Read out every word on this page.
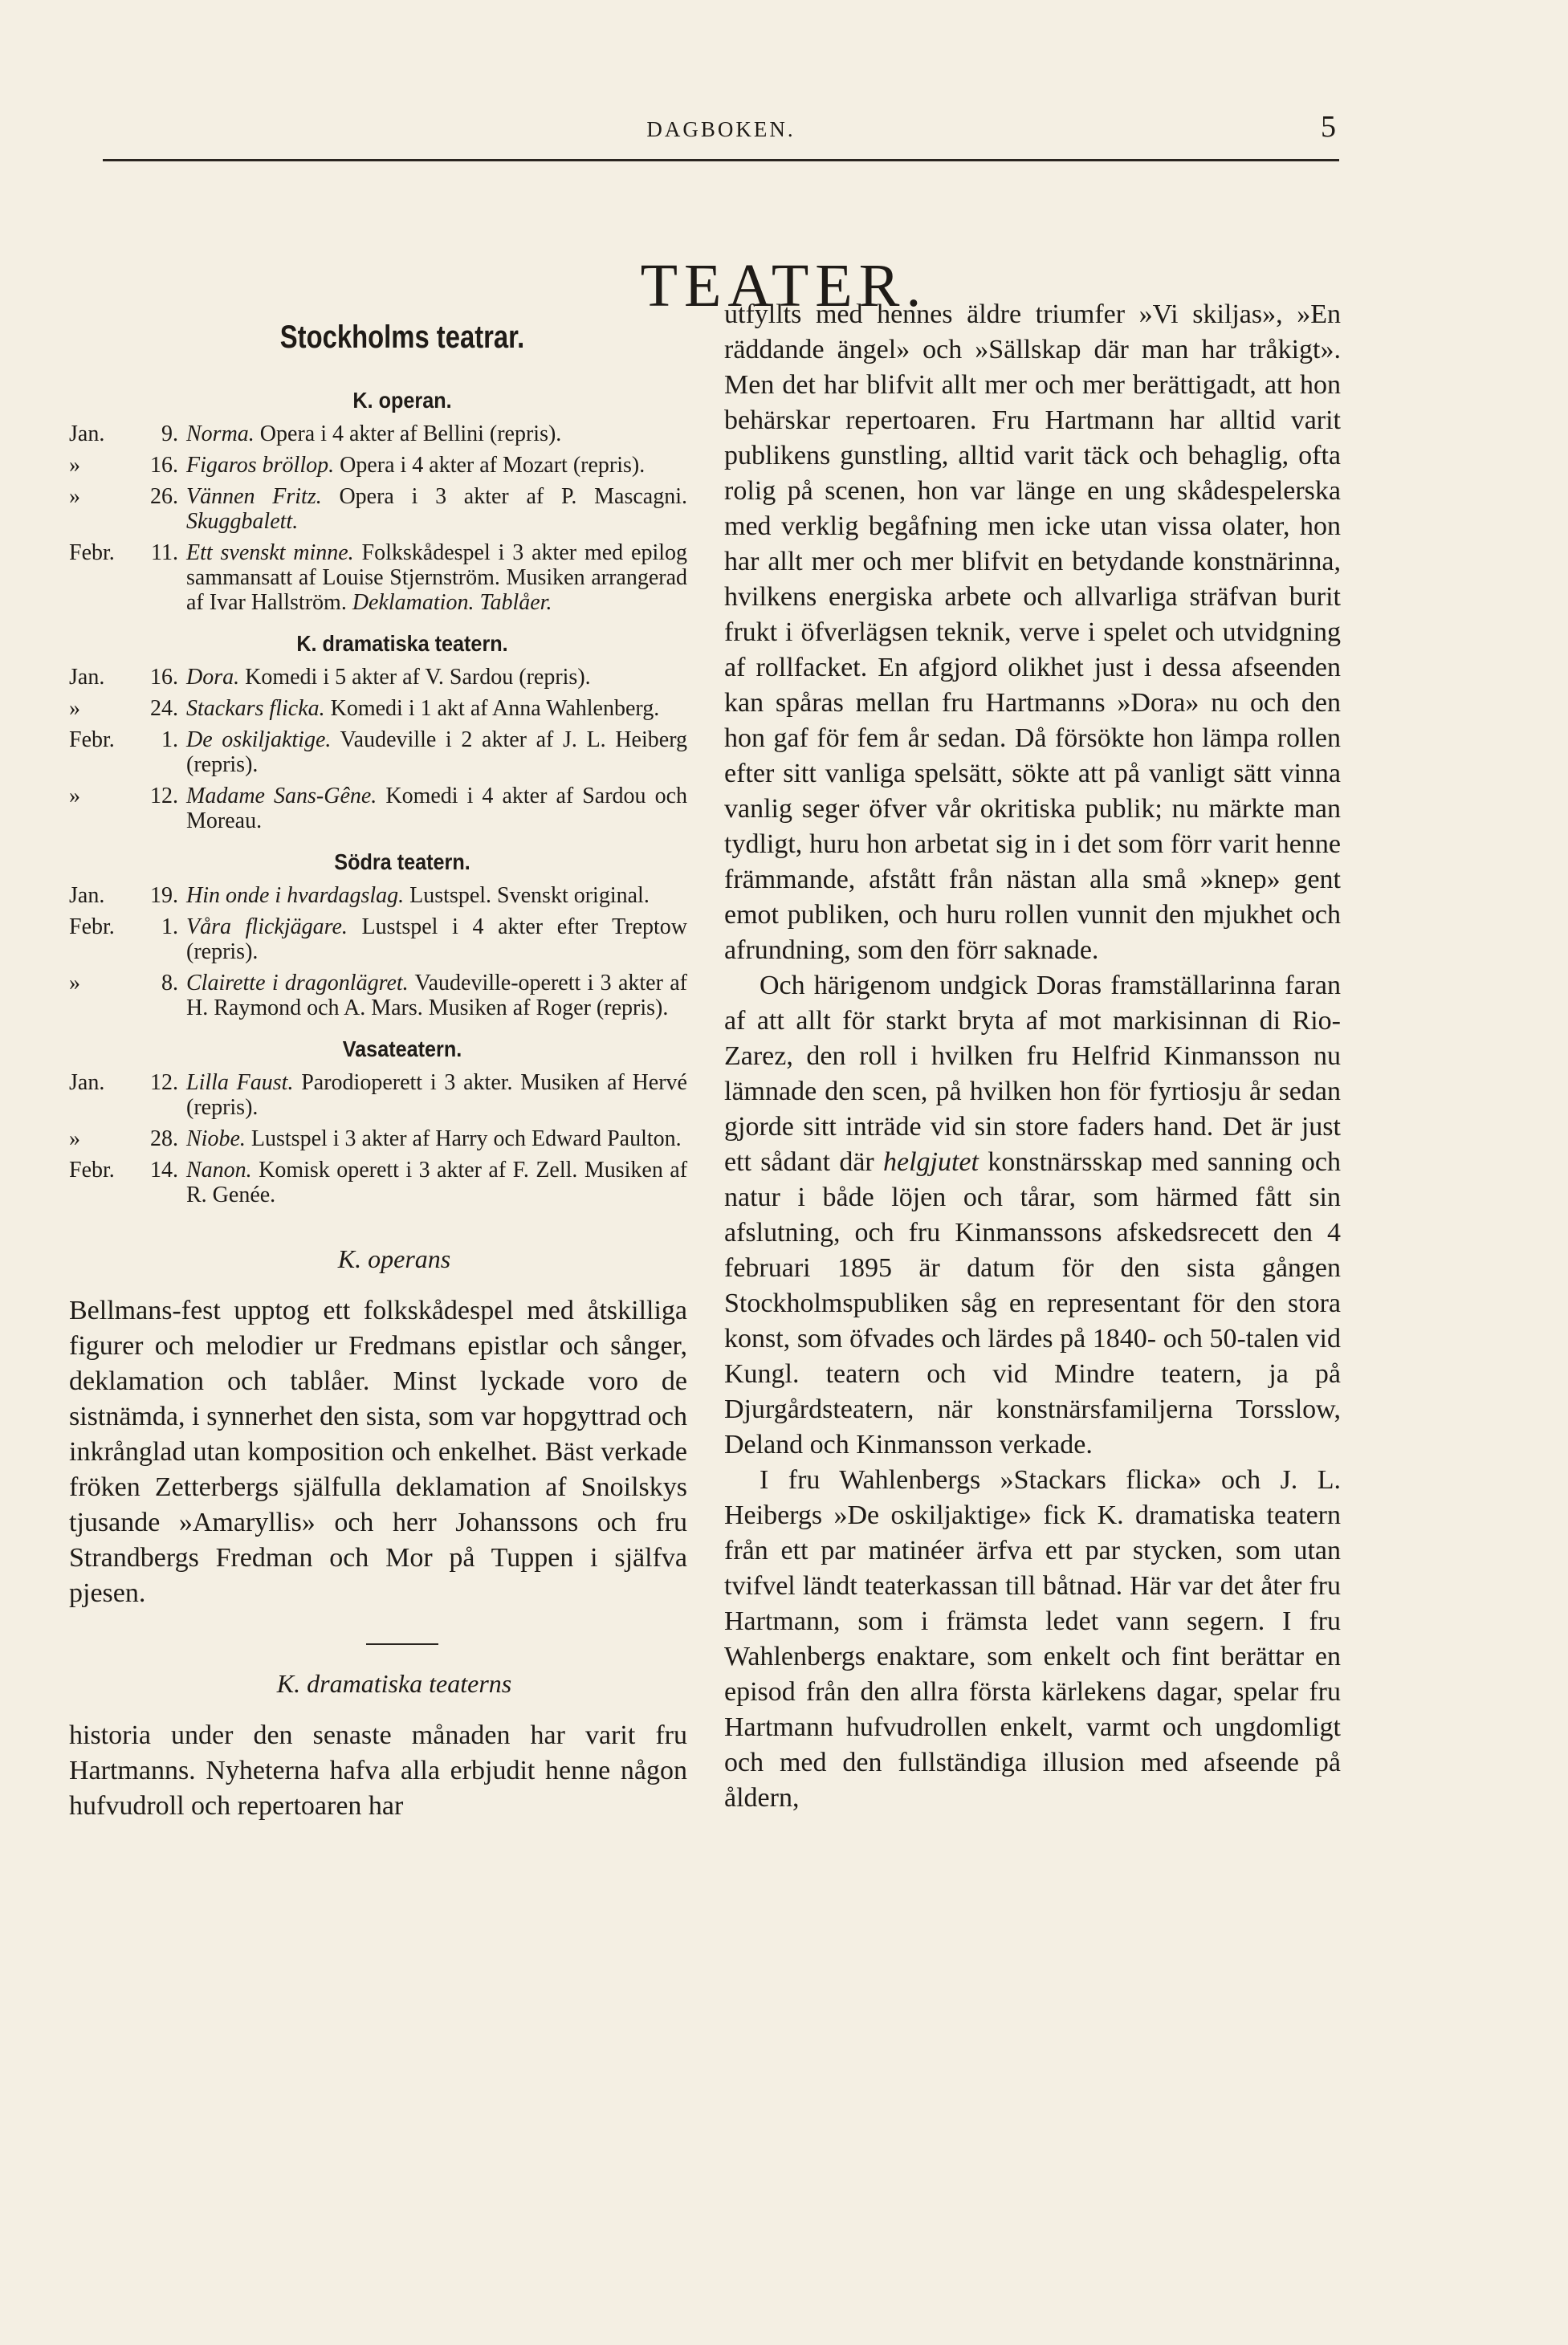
DAGBOKEN.	5
TEATER.
Stockholms teatrar.
K. operan.
Jan.	9. Norma. Opera i 4 akter af Bellini (repris).
»	16. Figaros bröllop. Opera i 4 akter af Mozart (repris).
»	26. Vännen Fritz. Opera i 3 akter af P. Mascagni. Skuggbalett.
Febr.	11. Ett svenskt minne. Folkskådespel i 3 akter med epilog sammansatt af Louise Stjernström. Musiken arrangerad af Ivar Hallström. Deklamation. Tablåer.
K. dramatiska teatern.
Jan.	16. Dora. Komedi i 5 akter af V. Sardou (repris).
»	24. Stackars flicka. Komedi i 1 akt af Anna Wahlenberg.
Febr.	1. De oskiljaktige. Vaudeville i 2 akter af J. L. Heiberg (repris).
»	12. Madame Sans-Gêne. Komedi i 4 akter af Sardou och Moreau.
Södra teatern.
Jan.	19. Hin onde i hvardagslag. Lustspel. Svenskt original.
Febr.	1. Våra flickjägare. Lustspel i 4 akter efter Treptow (repris).
»	8. Clairette i dragonlägret. Vaudeville-operett i 3 akter af H. Raymond och A. Mars. Musiken af Roger (repris).
Vasateatern.
Jan.	12. Lilla Faust. Parodioperett i 3 akter. Musiken af Hervé (repris).
»	28. Niobe. Lustspel i 3 akter af Harry och Edward Paulton.
Febr.	14. Nanon. Komisk operett i 3 akter af F. Zell. Musiken af R. Genée.
K. operans

Bellmans-fest upptog ett folkskådespel med åtskilliga figurer och melodier ur Fredmans epistlar och sånger, deklamation och tablåer. Minst lyckade voro de sistnämda, i synnerhet den sista, som var hopgyttrad och inkrånglad utan komposition och enkelhet. Bäst verkade fröken Zetterbergs själfulla deklamation af Snoilskys tjusande »Amaryllis» och herr Johanssons och fru Strandbergs Fredman och Mor på Tuppen i själfva pjesen.

K. dramatiska teaterns

historia under den senaste månaden har varit fru Hartmanns. Nyheterna hafva alla erbjudit henne någon hufvudroll och repertoaren har

utfyllts med hennes äldre triumfer »Vi skiljas», »En räddande ängel» och »Sällskap där man har tråkigt». Men det har blifvit allt mer och mer berättigadt, att hon behärskar repertoaren. Fru Hartmann har alltid varit publikens gunstling, alltid varit täck och behaglig, ofta rolig på scenen, hon var länge en ung skådespelerska med verklig begåfning men icke utan vissa olater, hon har allt mer och mer blifvit en betydande konstnärinna, hvilkens energiska arbete och allvarliga sträfvan burit frukt i öfverlägsen teknik, verve i spelet och utvidgning af rollfacket. En afgjord olikhet just i dessa afseenden kan spåras mellan fru Hartmanns »Dora» nu och den hon gaf för fem år sedan. Då försökte hon lämpa rollen efter sitt vanliga spelsätt, sökte att på vanligt sätt vinna vanlig seger öfver vår okritiska publik; nu märkte man tydligt, huru hon arbetat sig in i det som förr varit henne främmande, afstått från nästan alla små »knep» gent emot publiken, och huru rollen vunnit den mjukhet och afrundning, som den förr saknade.

Och härigenom undgick Doras framställarinna faran af att allt för starkt bryta af mot markisinnan di Rio-Zarez, den roll i hvilken fru Helfrid Kinmansson nu lämnade den scen, på hvilken hon för fyrtiosju år sedan gjorde sitt inträde vid sin store faders hand. Det är just ett sådant där helgjutet konstnärsskap med sanning och natur i både löjen och tårar, som härmed fått sin afslutning, och fru Kinmanssons afskedsrecett den 4 februari 1895 är datum för den sista gången Stockholmspubliken såg en representant för den stora konst, som öfvades och lärdes på 1840- och 50-talen vid Kungl. teatern och vid Mindre teatern, ja på Djurgårdsteatern, när konstnärsfamiljerna Torsslow, Deland och Kinmansson verkade.

I fru Wahlenbergs »Stackars flicka» och J. L. Heibergs »De oskiljaktige» fick K. dramatiska teatern från ett par matinéer ärfva ett par stycken, som utan tvifvel ländt teaterkassan till båtnad. Här var det åter fru Hartmann, som i främsta ledet vann segern. I fru Wahlenbergs enaktare, som enkelt och fint berättar en episod från den allra första kärlekens dagar, spelar fru Hartmann hufvudrollen enkelt, varmt och ungdomligt och med den fullständiga illusion med afseende på åldern,
